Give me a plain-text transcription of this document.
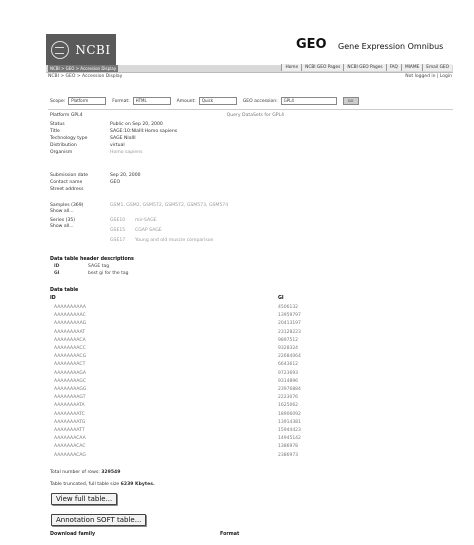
NCBI	GEO Gene Expression Omnibus
NCBI > GEO > Accession Display	Home	NCBI GEO Pages	NCBI GEO Pages	FAQ	MIAME	Email GEO
NCBI > GEO > Accession Display	Not logged in | Login
Scope:	Platform	Format:	HTML	Amount:	Quick	GEO accession:	GPL4	GO
Platform GPL4	Query DataSets for GPL4
Status	Public on Sep 20, 2000
Title	SAGE:10:NlaIII:Homo sapiens
Technology type	SAGE NlaIII
Distribution	virtual
Organism	Homo sapiens
Submission date	Sep 20, 2000
Contact name	GEO
Street address
Samples (369)
Show all...
GSM1, GSM2, GSM572, GSM572, GSM573, GSM574
Series (35)
Show all...
GSE10 mir-SAGE
GSE15 CGAP SAGE
GSE17 Young and old muscle comparison
Data table header descriptions
ID	SAGE tag
GI	best gi for the tag
Data table
ID	GI
AAAAAAAAAA	4506132
AAAAAAAAAC	13959797
AAAAAAAAAG	20413197
AAAAAAAAAT	23128223
AAAAAAAACA	9897512
AAAAAAAACC	9328324
AAAAAAAACG	22684064
AAAAAAAACT	6643612
AAAAAAAAGA	9723693
AAAAAAAAGC	9314896
AAAAAAAAGG	23976884
AAAAAAAAGT	2223076
AAAAAAAATA	1625062
AAAAAAAATC	18906092
AAAAAAAATG	13914381
AAAAAAAATT	15944423
AAAAAAACAA	14945142
AAAAAAACAC	1386978
AAAAAAACAG	2386973
Total number of rows: 329549
Table truncated, full table size 6239 Kbytes.
View full table...
Annotation SOFT table...
Download family	Format
